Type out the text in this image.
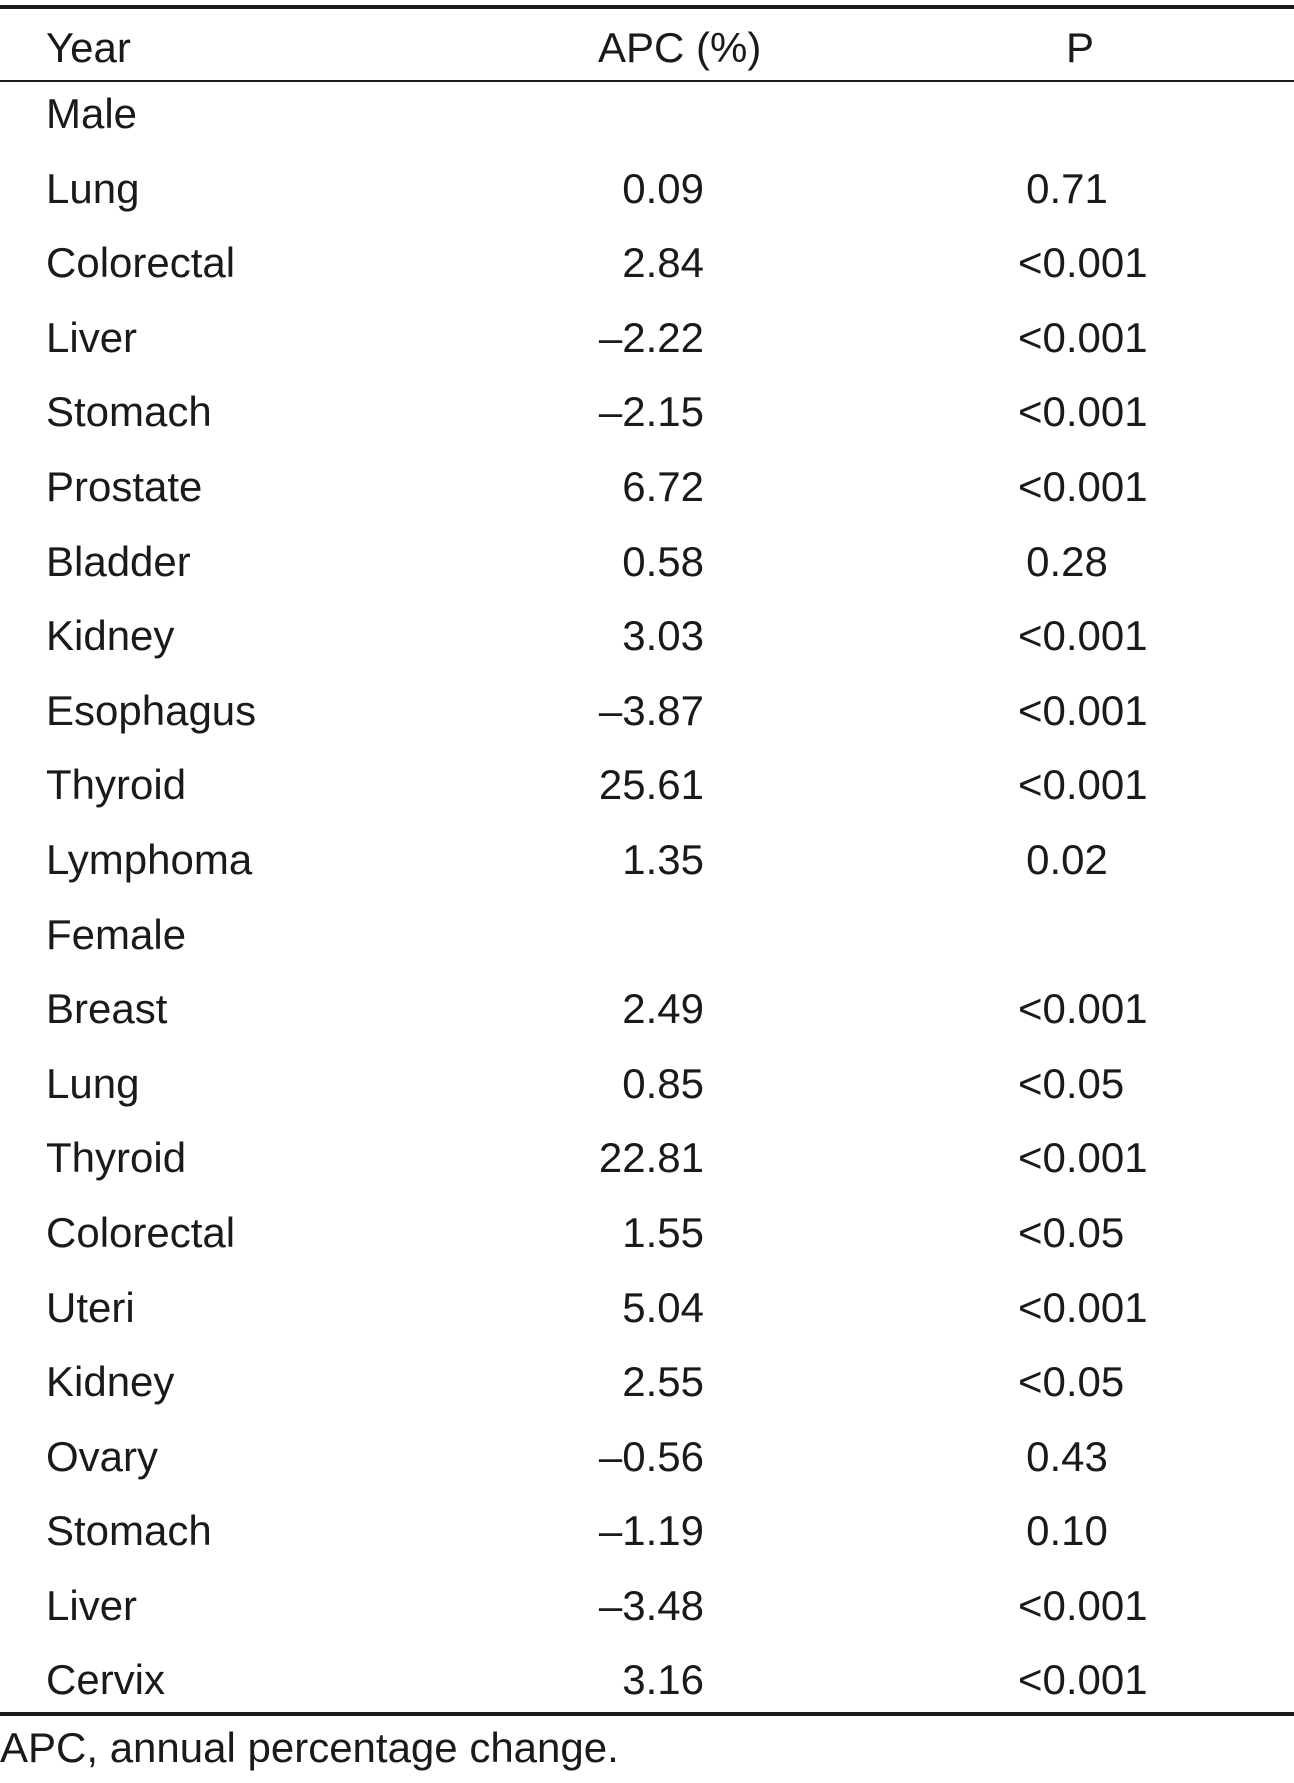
Year	APC (%)	P
Male
Lung	0.09	0.71
Colorectal	2.84	<0.001
Liver	–2.22	<0.001
Stomach	–2.15	<0.001
Prostate	6.72	<0.001
Bladder	0.58	0.28
Kidney	3.03	<0.001
Esophagus	–3.87	<0.001
Thyroid	25.61	<0.001
Lymphoma	1.35	0.02
Female
Breast	2.49	<0.001
Lung	0.85	<0.05
Thyroid	22.81	<0.001
Colorectal	1.55	<0.05
Uteri	5.04	<0.001
Kidney	2.55	<0.05
Ovary	–0.56	0.43
Stomach	–1.19	0.10
Liver	–3.48	<0.001
Cervix	3.16	<0.001
APC, annual percentage change.
